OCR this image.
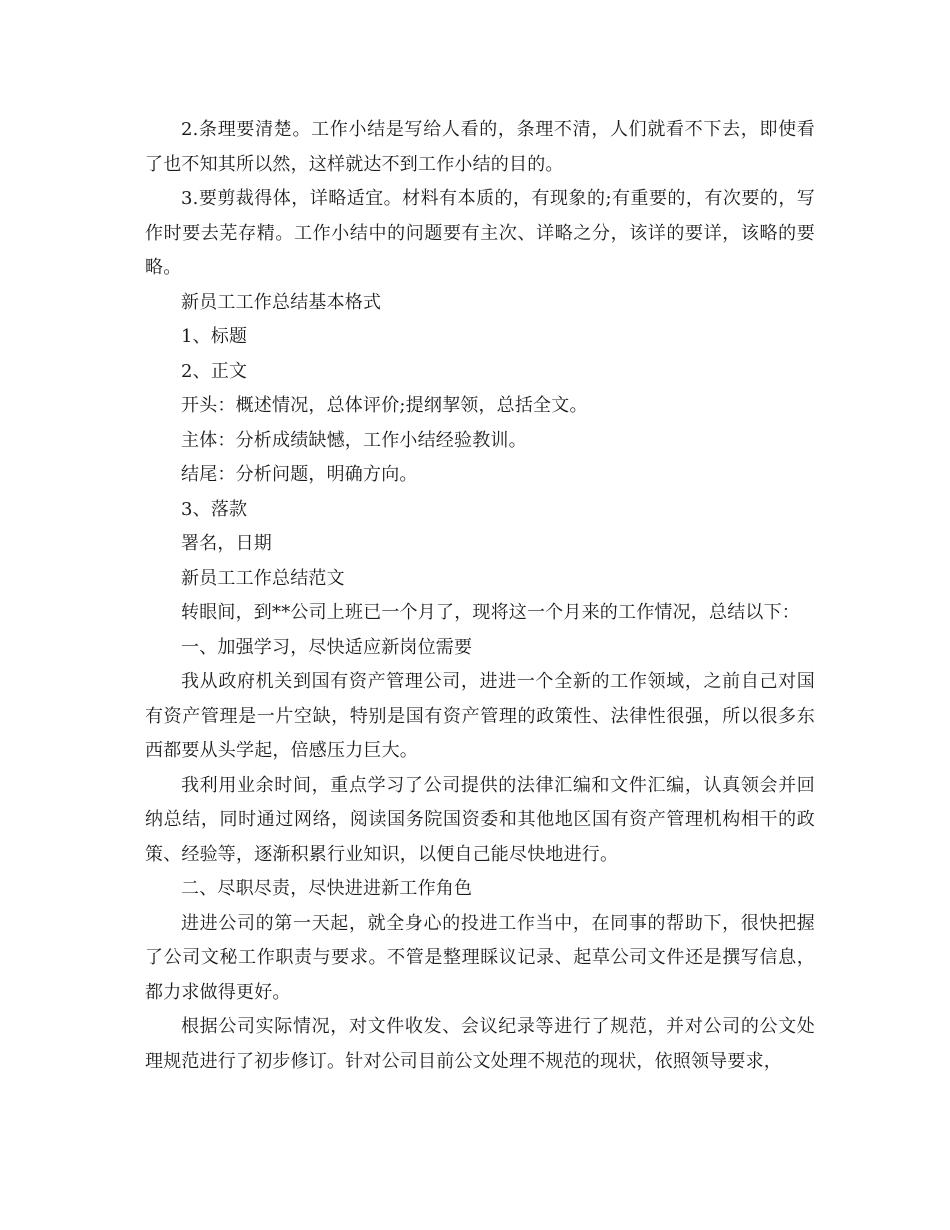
2.条理要清楚。工作小结是写给人看的，条理不清，人们就看不下去，即使看了也不知其所以然，这样就达不到工作小结的目的。

3.要剪裁得体，详略适宜。材料有本质的，有现象的;有重要的，有次要的，写作时要去芜存精。工作小结中的问题要有主次、详略之分，该详的要详，该略的要略。

新员工工作总结基本格式

1、标题

2、正文

开头：概述情况，总体评价;提纲挈领，总括全文。

主体：分析成绩缺憾，工作小结经验教训。

结尾：分析问题，明确方向。

3、落款

署名，日期

新员工工作总结范文

转眼间，到**公司上班已一个月了，现将这一个月来的工作情况，总结以下：

一、加强学习，尽快适应新岗位需要

我从政府机关到国有资产管理公司，进进一个全新的工作领域，之前自己对国有资产管理是一片空缺，特别是国有资产管理的政策性、法律性很强，所以很多东西都要从头学起，倍感压力巨大。

我利用业余时间，重点学习了公司提供的法律汇编和文件汇编，认真领会并回纳总结，同时通过网络，阅读国务院国资委和其他地区国有资产管理机构相干的政策、经验等，逐渐积累行业知识，以便自己能尽快地进行。

二、尽职尽责，尽快进进新工作角色

进进公司的第一天起，就全身心的投进工作当中，在同事的帮助下，很快把握了公司文秘工作职责与要求。不管是整理睬议记录、起草公司文件还是撰写信息，都力求做得更好。

根据公司实际情况，对文件收发、会议纪录等进行了规范，并对公司的公文处理规范进行了初步修订。针对公司目前公文处理不规范的现状，依照领导要求，
